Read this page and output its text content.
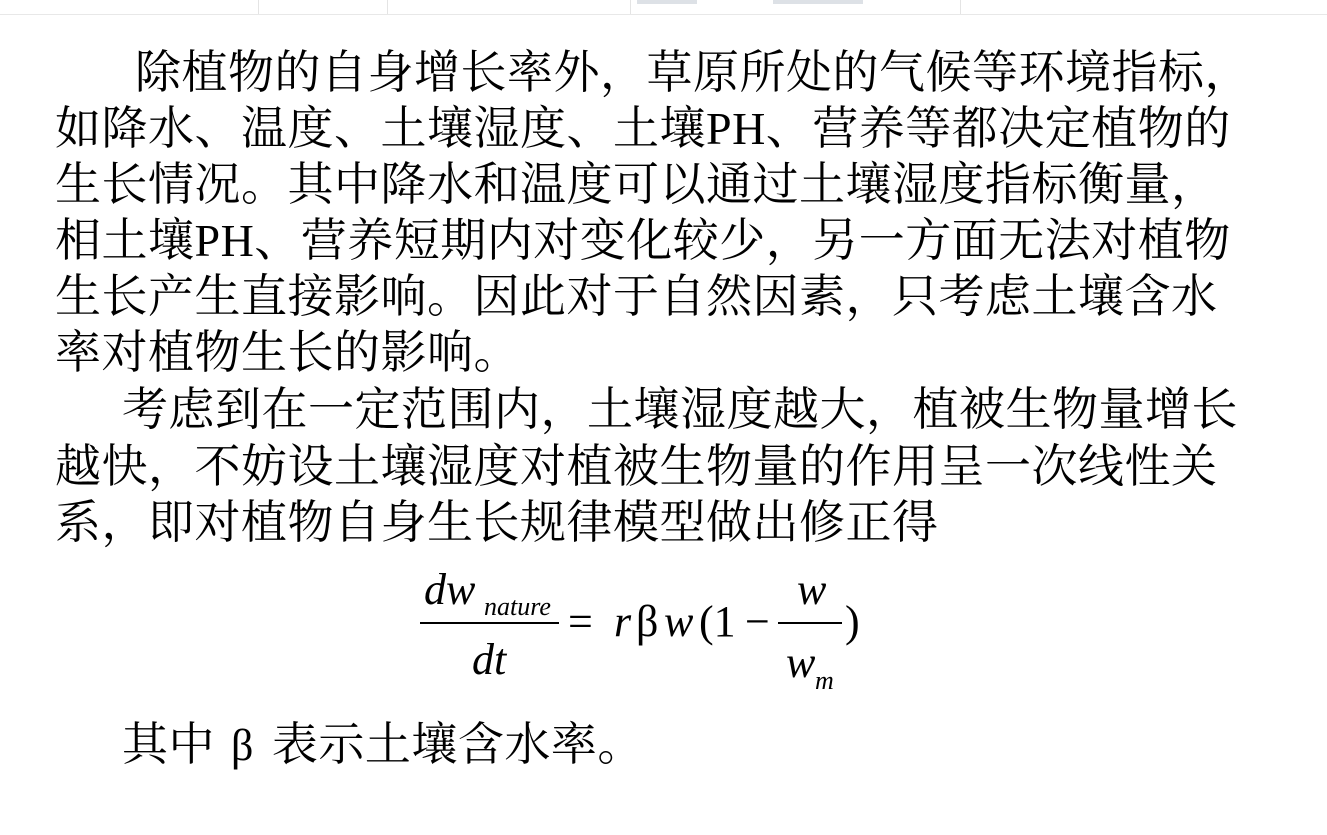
除植物的自身增长率外，草原所处的气候等环境指标，
如降水、温度、土壤湿度、土壤PH、营养等都决定植物的
生长情况。其中降水和温度可以通过土壤湿度指标衡量，
相土壤PH、营养短期内对变化较少，另一方面无法对植物
生长产生直接影响。因此对于自然因素，只考虑土壤含水
率对植物生长的影响。
考虑到在一定范围内，土壤湿度越大，植被生物量增长
越快，不妨设土壤湿度对植被生物量的作用呈一次线性关
系，即对植物自身生长规律模型做出修正得
dw nature
dt
= r β w (1 −
w
w m
)
其中 β 表示土壤含水率。
